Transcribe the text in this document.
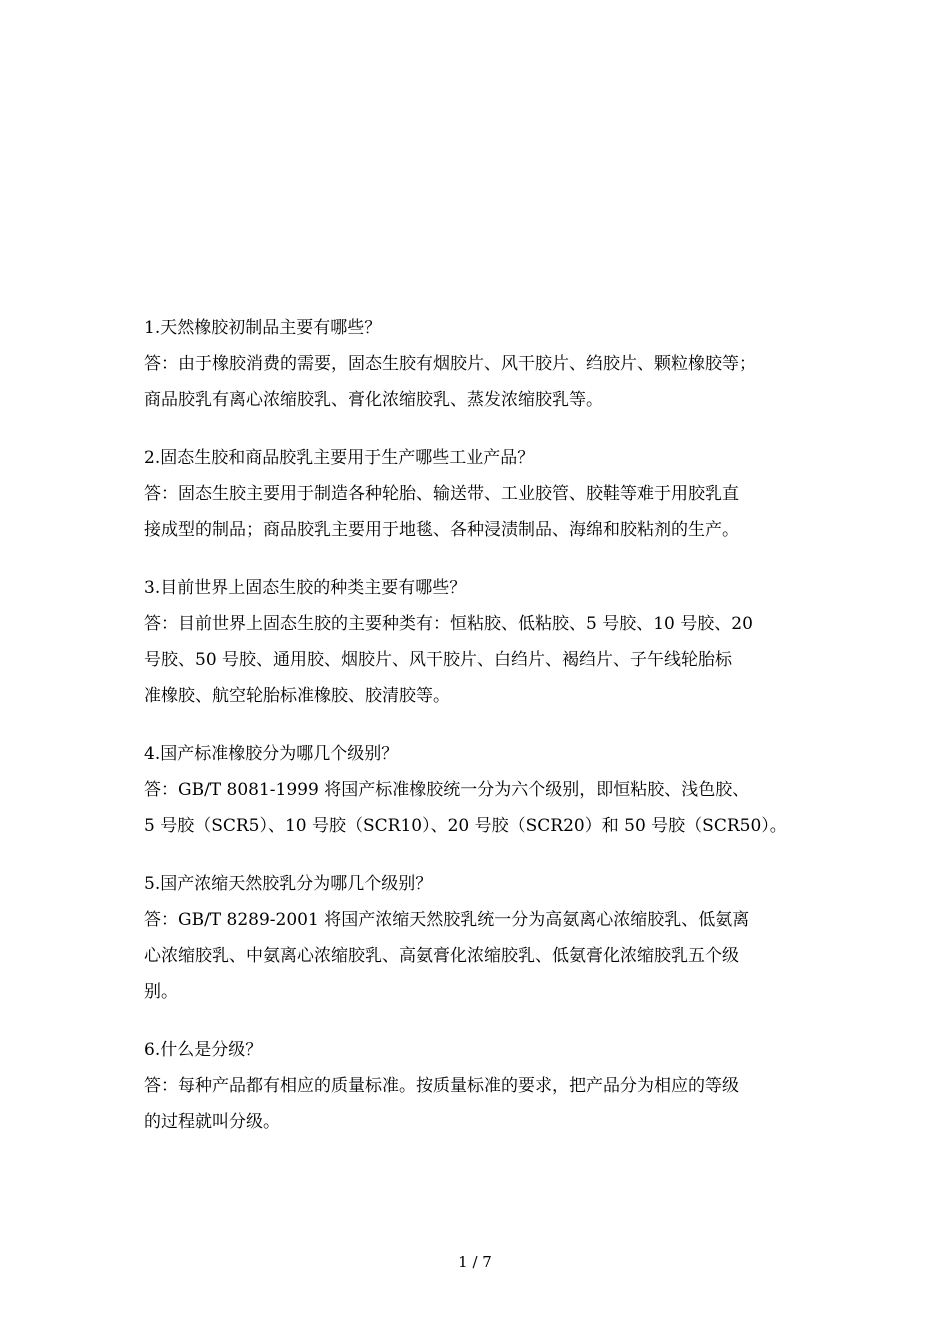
1.天然橡胶初制品主要有哪些？
答：由于橡胶消费的需要，固态生胶有烟胶片、风干胶片、绉胶片、颗粒橡胶等；
商品胶乳有离心浓缩胶乳、膏化浓缩胶乳、蒸发浓缩胶乳等。
2.固态生胶和商品胶乳主要用于生产哪些工业产品？
答：固态生胶主要用于制造各种轮胎、输送带、工业胶管、胶鞋等难于用胶乳直
接成型的制品；商品胶乳主要用于地毯、各种浸渍制品、海绵和胶粘剂的生产。
3.目前世界上固态生胶的种类主要有哪些？
答：目前世界上固态生胶的主要种类有：恒粘胶、低粘胶、5 号胶、10 号胶、20
号胶、50 号胶、通用胶、烟胶片、风干胶片、白绉片、褐绉片、子午线轮胎标
准橡胶、航空轮胎标准橡胶、胶清胶等。
4.国产标准橡胶分为哪几个级别？
答：GB/T 8081-1999 将国产标准橡胶统一分为六个级别，即恒粘胶、浅色胶、
5 号胶（SCR5）、10 号胶（SCR10）、20 号胶（SCR20）和 50 号胶（SCR50）。
5.国产浓缩天然胶乳分为哪几个级别？
答：GB/T 8289-2001 将国产浓缩天然胶乳统一分为高氨离心浓缩胶乳、低氨离
心浓缩胶乳、中氨离心浓缩胶乳、高氨膏化浓缩胶乳、低氨膏化浓缩胶乳五个级
别。
6.什么是分级？
答：每种产品都有相应的质量标准。按质量标准的要求，把产品分为相应的等级
的过程就叫分级。
1 / 7
